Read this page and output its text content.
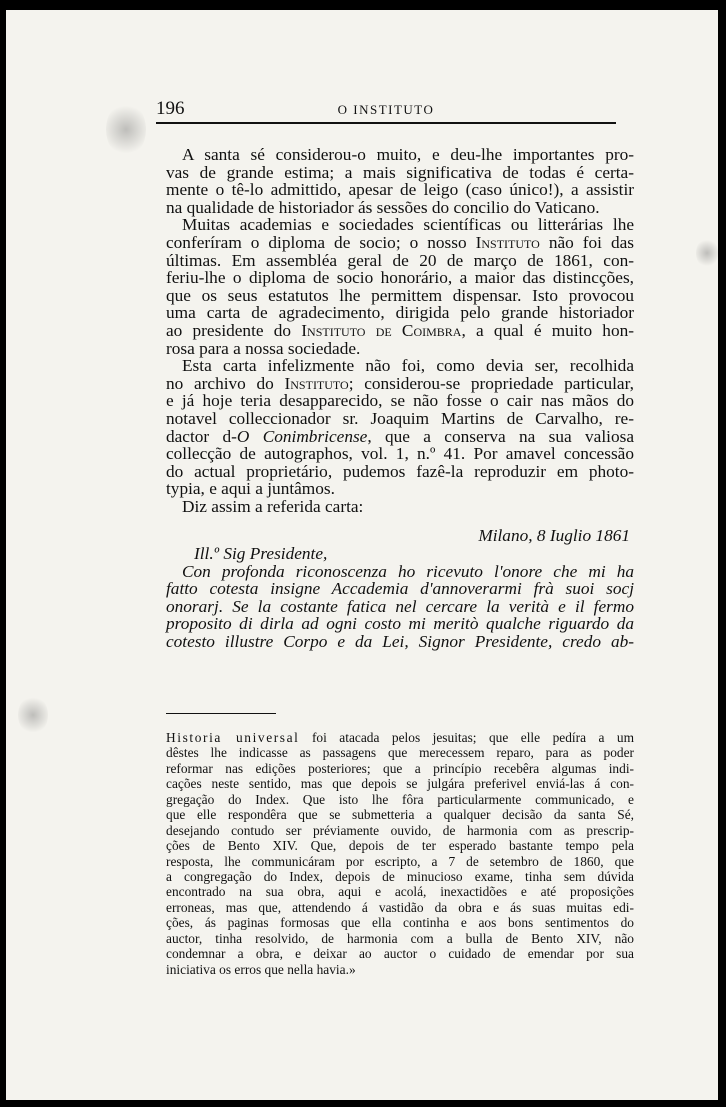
196	O INSTITUTO
A santa sé considerou-o muito, e deu-lhe importantes pro-
vas de grande estima; a mais significativa de todas é certa-
mente o tê-lo admittido, apesar de leigo (caso único!), a assistir
na qualidade de historiador ás sessões do concilio do Vaticano.
Muitas academias e sociedades scientíficas ou litterárias lhe
conferíram o diploma de socio; o nosso Instituto não foi das
últimas. Em assembléa geral de 20 de março de 1861, con-
feriu-lhe o diploma de socio honorário, a maior das distincções,
que os seus estatutos lhe permittem dispensar. Isto provocou
uma carta de agradecimento, dirigida pelo grande historiador
ao presidente do Instituto de Coimbra, a qual é muito hon-
rosa para a nossa sociedade.
Esta carta infelizmente não foi, como devia ser, recolhida
no archivo do Instituto; considerou-se propriedade particular,
e já hoje teria desapparecido, se não fosse o cair nas mãos do
notavel colleccionador sr. Joaquim Martins de Carvalho, re-
dactor d-O Conimbricense, que a conserva na sua valiosa
collecção de autographos, vol. 1, n.º 41. Por amavel concessão
do actual proprietário, pudemos fazê-la reproduzir em photo-
typia, e aqui a juntâmos.
Diz assim a referida carta:
Milano, 8 Iuglio 1861
Ill.º Sig Presidente,
Con profonda riconoscenza ho ricevuto l'onore che mi ha
fatto cotesta insigne Accademia d'annoverarmi frà suoi socj
onorarj. Se la costante fatica nel cercare la verità e il fermo
proposito di dirla ad ogni costo mi meritò qualche riguardo da
cotesto illustre Corpo e da Lei, Signor Presidente, credo ab-
Historia universal foi atacada pelos jesuitas; que elle pedíra a um
dêstes lhe indicasse as passagens que merecessem reparo, para as poder
reformar nas edições posteriores; que a princípio recebêra algumas indi-
cações neste sentido, mas que depois se julgára preferivel enviá-las á con-
gregação do Index. Que isto lhe fôra particularmente communicado, e
que elle respondêra que se submetteria a qualquer decisão da santa Sé,
desejando contudo ser préviamente ouvido, de harmonia com as prescrip-
ções de Bento XIV. Que, depois de ter esperado bastante tempo pela
resposta, lhe communicáram por escripto, a 7 de setembro de 1860, que
a congregação do Index, depois de minucioso exame, tinha sem dúvida
encontrado na sua obra, aqui e acolá, inexactidões e até proposições
erroneas, mas que, attendendo á vastidão da obra e ás suas muitas edi-
ções, ás paginas formosas que ella continha e aos bons sentimentos do
auctor, tinha resolvido, de harmonia com a bulla de Bento XIV, não
condemnar a obra, e deixar ao auctor o cuidado de emendar por sua
iniciativa os erros que nella havia.»
